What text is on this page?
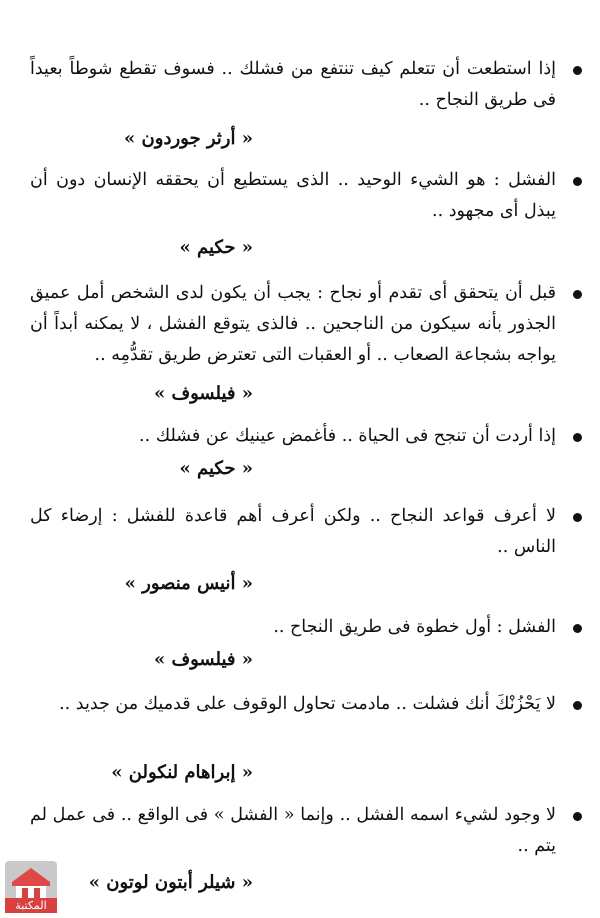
إذا استطعت أن تتعلم كيف تنتفع من فشلك .. فسوف تقطع شوطاً بعيداً فى طريق النجاح ..
« أرثر جوردون »
الفشل : هو الشيء الوحيد .. الذى يستطيع أن يحققه الإنسان دون أن يبذل أى مجهود ..
« حكيم »
قبل أن يتحقق أى تقدم أو نجاح : يجب أن يكون لدى الشخص أمل عميق الجذور بأنه سيكون من الناجحين .. فالذى يتوقع الفشل ، لا يمكنه أبداً أن يواجه بشجاعة الصعاب .. أو العقبات التى تعترض طريق تقدُّمِه ..
« فيلسوف »
إذا أردت أن تنجح فى الحياة .. فأغمض عينيك عن فشلك ..
« حكيم »
لا أعرف قواعد النجاح .. ولكن أعرف أهم قاعدة للفشل : إرضاء كل الناس ..
« أنيس منصور »
الفشل : أول خطوة فى طريق النجاح ..
« فيلسوف »
لا يَحْزُنْكَ أنك فشلت .. مادمت تحاول الوقوف على قدميك من جديد ..
« إبراهام لنكولن »
لا وجود لشيء اسمه الفشل .. وإنما « الفشل » فى الواقع .. فى عمل لم يتم ..
« شيلر أبتون لوتون »
المكتبة
